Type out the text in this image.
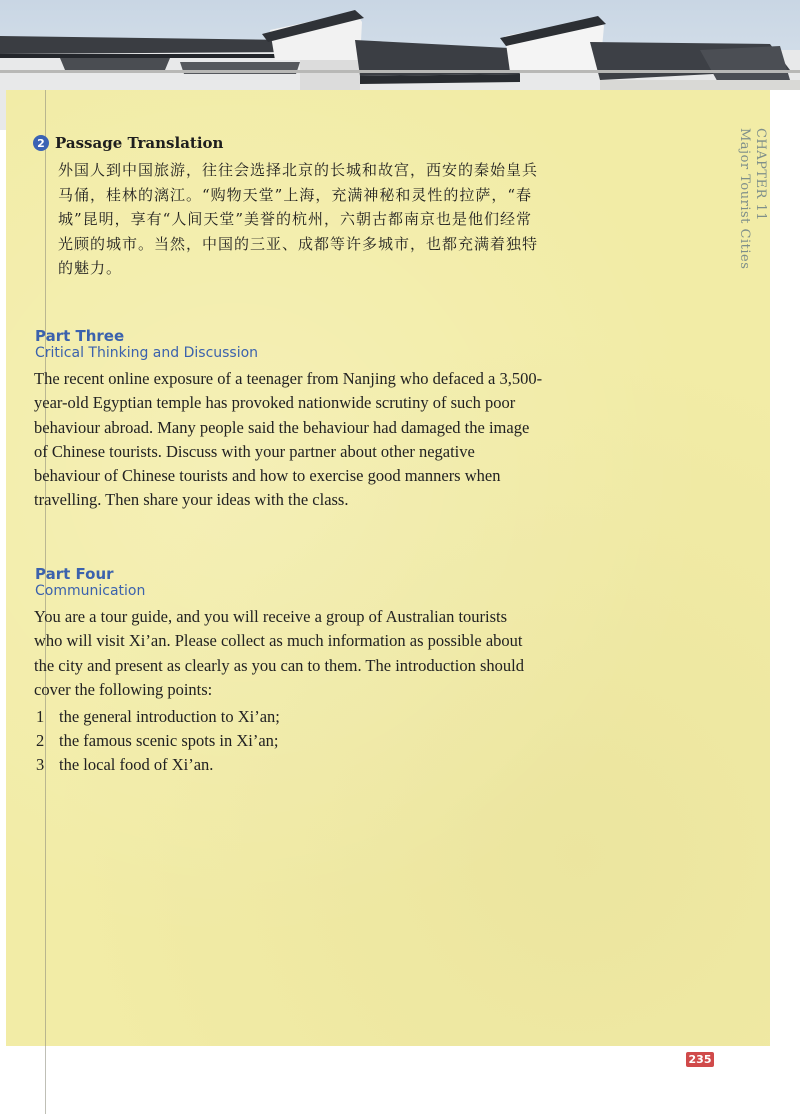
CHAPTER 11
Major Tourist Cities
2 Passage Translation
外国人到中国旅游，往往会选择北京的长城和故宫，西安的秦始皇兵马俑，桂林的漓江。“购物天堂”上海，充满神秘和灵性的拉萨，“春城”昆明，享有“人间天堂”美誉的杭州，六朝古都南京也是他们经常光顾的城市。当然，中国的三亚、成都等许多城市，也都充满着独特的魅力。
Part Three
Critical Thinking and Discussion
The recent online exposure of a teenager from Nanjing who defaced a 3,500-year-old Egyptian temple has provoked nationwide scrutiny of such poor behaviour abroad. Many people said the behaviour had damaged the image of Chinese tourists. Discuss with your partner about other negative behaviour of Chinese tourists and how to exercise good manners when travelling. Then share your ideas with the class.
Part Four
Communication
You are a tour guide, and you will receive a group of Australian tourists who will visit Xi’an. Please collect as much information as possible about the city and present as clearly as you can to them. The introduction should cover the following points:
1 the general introduction to Xi’an;
2 the famous scenic spots in Xi’an;
3 the local food of Xi’an.
235
